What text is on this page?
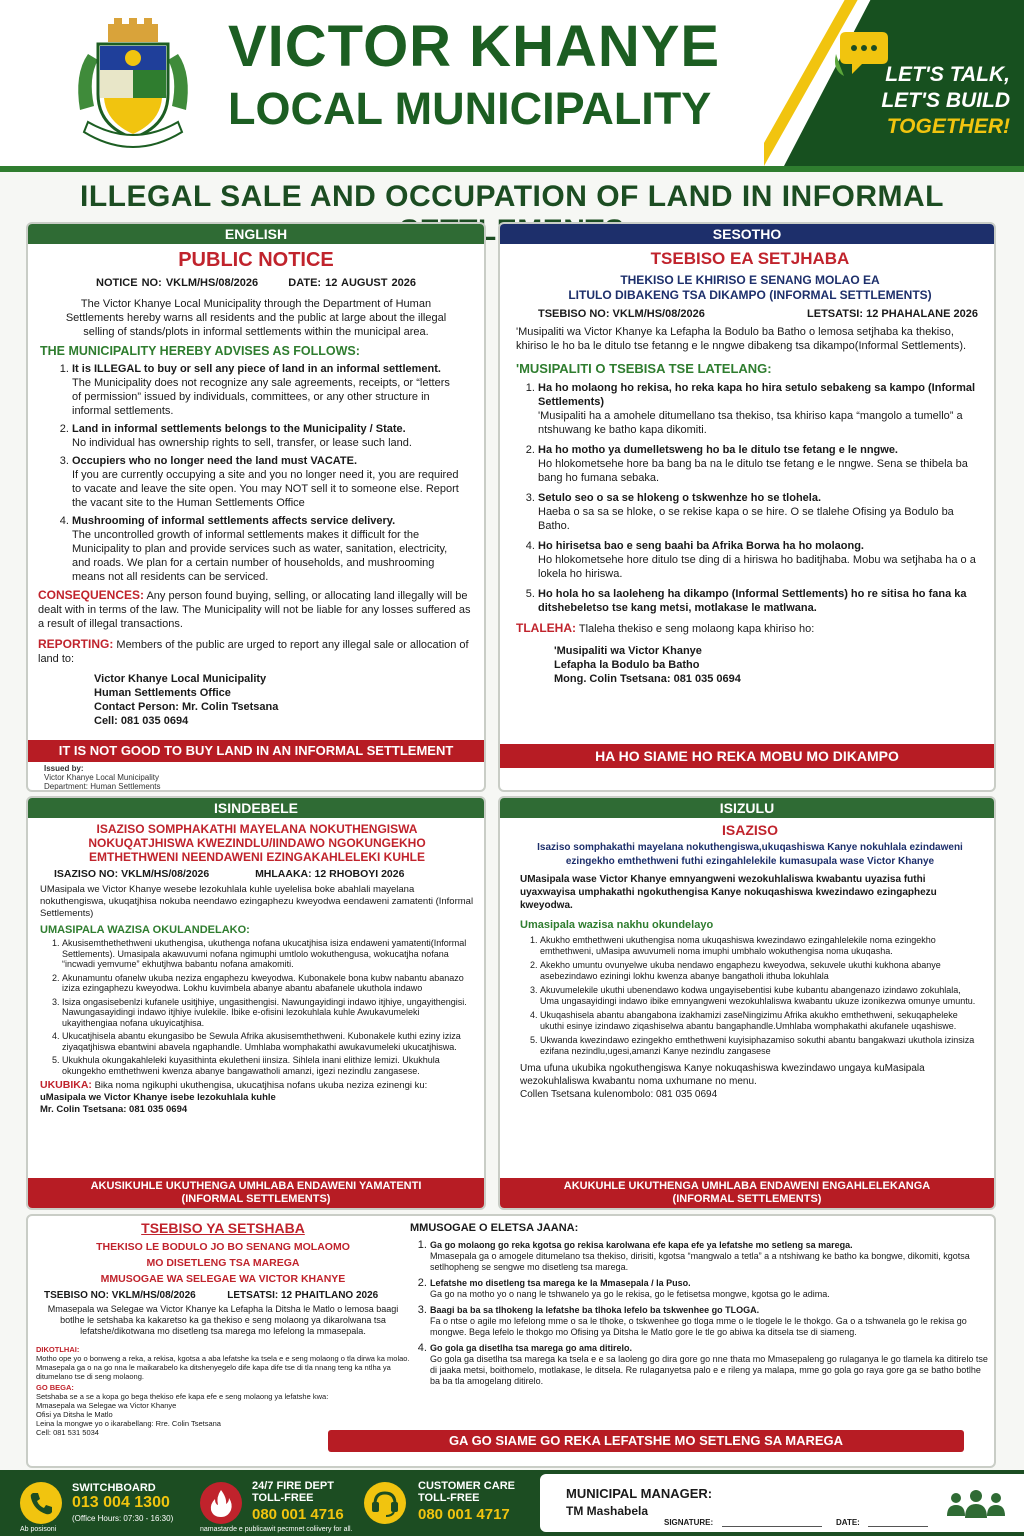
VICTOR KHANYE
LOCAL MUNICIPALITY
LET'S TALK,
LET'S BUILD
TOGETHER!
ILLEGAL SALE AND OCCUPATION OF LAND IN INFORMAL
ENGLISH
PUBLIC NOTICE
NOTICE NO: VKLM/HS/08/2026	DATE: 12 AUGUST 2026

The Victor Khanye Local Municipality through the Department of Human Settlements hereby warns all residents and the public at large about the illegal selling of stands/plots in informal settlements within the municipal area.

THE MUNICIPALITY HEREBY ADVISES AS FOLLOWS:
1. It is ILLEGAL to buy or sell any piece of land in an informal settlement.
The Municipality does not recognize any sale agreements, receipts, or “letters of permission” issued by individuals, committees, or any other structure in informal settlements.
2. Land in informal settlements belongs to the Municipality / State.
No individual has ownership rights to sell, transfer, or lease such land.
3. Occupiers who no longer need the land must VACATE.
If you are currently occupying a site and you no longer need it, you are required to vacate and leave the site open. You may NOT sell it to someone else. Report the vacant site to the Human Settlements Office
4. Mushrooming of informal settlements affects service delivery.
The uncontrolled growth of informal settlements makes it difficult for the Municipality to plan and provide services such as water, sanitation, electricity, and roads. We plan for a certain number of households, and mushrooming means not all residents can be serviced.

CONSEQUENCES: Any person found buying, selling, or allocating land illegally will be dealt with in terms of the law. The Municipality will not be liable for any losses suffered as a result of illegal transactions.

REPORTING: Members of the public are urged to report any illegal sale or allocation of land to:

Victor Khanye Local Municipality
Human Settlements Office
Contact Person: Mr. Colin Tsetsana
Cell: 081 035 0694
IT IS NOT GOOD TO BUY LAND IN AN INFORMAL SETTLEMENT
Issued by:
Victor Khanye Local Municipality
Department: Human Settlements
SESOTHO
TSEBISO EA SETJHABA
THEKISO LE KHIRISO E SENANG MOLAO EA
LITULO DIBAKENG TSA DIKAMPO (INFORMAL SETTLEMENTS)
TSEBISO NO: VKLM/HS/08/2026	LETSATSI: 12 PHAHALANE 2026

'Musipaliti wa Victor Khanye ka Lefapha la Bodulo ba Batho o lemosa setjhaba ka thekiso, khiriso le ho ba le ditulo tse fetanng e le nngwe dibakeng tsa dikampo(Informal Settlements).

'MUSIPALITI O TSEBISA TSE LATELANG:
1. Ha ho molaong ho rekisa, ho reka kapa ho hira setulo sebakeng sa kampo (Informal Settlements)
'Musipaliti ha a amohele ditumellano tsa thekiso, tsa khiriso kapa “mangolo a tumello” a ntshuwang ke batho kapa dikomiti.
2. Ha ho motho ya dumelletsweng ho ba le ditulo tse fetang e le nngwe.
Ho hlokometsehe hore ba bang ba na le ditulo tse fetang e le nngwe. Sena se thibela ba bang ho fumana sebaka.
3. Setulo seo o sa se hlokeng o tskwenhze ho se tlohela.
Haeba o sa sa se hloke, o se rekise kapa o se hire. O se tlalehe Ofising ya Bodulo ba Batho.
4. Ho hirisetsa bao e seng baahi ba Afrika Borwa ha ho molaong.
Ho hlokometsehe hore ditulo tse ding di a hiriswa ho baditjhaba. Mobu wa setjhaba ha o a lokela ho hiriswa.
5. Ho hola ho sa laoleheng ha dikampo (Informal Settlements) ho re sitisa ho fana ka ditshebeletso tse kang metsi, motlakase le matlwana.

TLALEHA: Tlaleha thekiso e seng molaong kapa khiriso ho:

'Musipaliti wa Victor Khanye
Lefapha la Bodulo ba Batho
Mong. Colin Tsetsana: 081 035 0694
HA HO SIAME HO REKA MOBU MO DIKAMPO
ISINDEBELE
ISAZISO SOMPHAKATHI MAYELANA NOKUTHENGISWA
NOKUQATJHISWA KWEZINDLU/IINDAWO NGOKUNGEKHO
EMTHETHWENI NEENDAWENI EZINGAKAHLELEKI KUHLE
ISAZISO NO: VKLM/HS/08/2026	MHLAAKA: 12 RHOBOYI 2026

UMasipala we Victor Khanye wesebe lezokuhlala kuhle uyelelisa boke abahlali mayelana nokuthengiswa, ukuqatjhisa nokuba neendawo ezingaphezu kweyodwa eendaweni zamatenti (Informal Settlements)

UMASIPALA WAZISA OKULANDELAKO:
1. Akusisemthethethweni ukuthengisa, ukuthenga nofana ukucatjhisa isiza endaweni yamatenti(Informal Settlements). Umasipala akawuvumi nofana ngimuphi umtlolo wokuthengusa, wokucatjha nofana “incwadi yemvume” ekhutjhwa babantu nofana amakomiti.
2. Akunamuntu ofanelw ukuba neziza engaphezu kweyodwa. Kubonakele bona kubw nabantu abanazo iziza ezingaphezu kweyodwa. Lokhu kuvimbela abanye abantu abafanele ukuthola indawo
3. Isiza ongasisebenlzi kufanele usitjhiye, ungasithengisi. Nawungayidingi indawo itjhiye, ungayithengisi. Nawungasayidingi indawo itjhiye ivulekile. Ibike e-ofisini lezokuhlala kuhle Awukavumeleki ukayithengiaa nofana ukuyicatjhisa.
4. Ukucatjhisela abantu ekungasibo be Sewula Afrika akusisemthethweni. Kubonakele kuthi eziny iziza ziyaqatjhiswa ebantwini abavela ngaphandle. Umhlaba womphakathi awukavumeleki ukucatjhiswa.
5. Ukukhula okungakahleleki kuyasithinta ekuletheni iinsiza. Sihlela inani elithize lemizi. Ukukhula okungekho emthethweni kwenza abanye bangawatholi amanzi, igezi nezindlu zangasese.

UKUBIKA: Bika noma ngikuphi ukuthengisa, ukucatjhisa nofans ukuba neziza ezinengi ku:

uMasipala we Victor Khanye isebe lezokuhlala kuhle
Mr. Colin Tsetsana: 081 035 0694
AKUSIKUHLE UKUTHENGA UMHLABA ENDAWENI YAMATENTI
(INFORMAL SETTLEMENTS)
ISIZULU
ISAZISO
Isaziso somphakathi mayelana nokuthengiswa,ukuqashiswa Kanye nokuhlala ezindaweni ezingekho emthethweni futhi ezingahlelekile kumasupala wase Victor Khanye

UMasipala wase Victor Khanye emnyangweni wezokuhlaliswa kwabantu uyazisa futhi uyaxwayisa umphakathi ngokuthengisa Kanye nokuqashiswa kwezindawo ezingaphezu kweyodwa.

Umasipala wazisa nakhu okundelayo
1. Akukho emthethweni ukuthengisa noma ukuqashiswa kwezindawo ezingahlelekile noma ezingekho emthethweni, uMasipa awuvumeli noma imuphi umbhalo wokuthengisa noma ukuqasha.
2. Akekho umuntu ovunyelwe ukuba nendawo engaphezu kweyodwa, sekuvele ukuthi kukhona abanye asebezindawo eziningi lokhu kwenza abanye bangatholi ithuba lokuhlala
3. Akuvumelekile ukuthi ubenendawo kodwa ungayisebentisi kube kubantu abangenazo izindawo zokuhlala, Uma ungasayidingi indawo ibike emnyangweni wezokuhlaliswa kwabantu ukuze izonikezwa omunye umuntu.
4. Ukuqashisela abantu abangabona izakhamizi zaseNingizimu Afrika akukho emthethweni, sekuqapheleke ukuthi esinye izindawo ziqashiselwa abantu bangaphandle.Umhlaba womphakathi akufanele uqashiswe.
5. Ukwanda kwezindawo ezingekho emthethweni kuyisiphazamiso sokuthi abantu bangakwazi ukuthola izinsiza ezifana nezindlu,ugesi,amanzi Kanye nezindlu zangasese

Uma ufuna ukubika ngokuthengiswa Kanye nokuqashiswa kwezindawo ungaya kuMasipala wezokuhlaliswa kwabantu noma uxhumane no menu.

Collen Tsetsana kulenombolo: 081 035 0694

AKUKUHLE UKUTHENGA UMHLABA ENDAWENI ENGAHLELEKANGA
(INFORMAL SETTLEMENTS)
TSEBISO YA SETSHABA
THEKISO LE BODULO JO BO SENANG MOLAOMO
MO DISETLENG TSA MAREGA
MMUSOGAE WA SELEGAE WA VICTOR KHANYE
TSEBISO NO: VKLM/HS/08/2026	LETSATSI: 12 PHAITLANO 2026

Mmasepala wa Selegae wa Victor Khanye ka Lefapha la Ditsha le Matlo o lemosa baagi botlhe le setshaba ka kakaretso ka ga thekiso e seng molaong ya dikarolwana tsa lefatshe/dikotwana mo disetleng tsa marega mo lefelong la mmasepala.

DIKOTLHAI:
Motho ope yo o bonweng a reka, a rekisa, kgotsa a aba lefatshe ka tsela e e seng molaong o tla dirwa ka molao. Mmasepala ga o na go nna le maikarabelo ka ditshenyegelo dife kapa dife tse di tla nnang teng ka ntlha ya ditumelano tse di seng molaong.
GO BEGA:
Setshaba se a se a kopa go bega thekiso efe kapa efe e seng molaong ya lefatshe kwa:
Mmasepala wa Selegae wa Victor Khanye
Ofisi ya Ditsha le Matlo
Leina la mongwe yo o ikarabellang: Rre. Colin Tsetsana
Cell: 081 531 5034
MMUSOGAE O ELETSA JAANA:
1. Ga go molaong go reka kgotsa go rekisa karolwana efe kapa efe ya lefatshe mo setleng sa marega.
Mmasepala ga o amogele ditumelano tsa thekiso, dirisiti, kgotsa “mangwalo a tetla” a a ntshiwang ke batho ka bongwe, dikomiti, kgotsa setlhopheng se sengwe mo disetleng tsa marega.
2. Lefatshe mo disetleng tsa marega ke la Mmasepala / la Puso.
Ga go na motho yo o nang le tshwanelo ya go le rekisa, go le fetisetsa mongwe, kgotsa go le adima.
3. Baagi ba ba sa tlhokeng la lefatshe ba tlhoka lefelo ba tskwenhee go TLOGA.
Fa o ntse o agile mo lefelong mme o sa le tlhoke, o tskwenhee go tloga mme o le tlogele le le thokgo. Ga o a tshwanela go le rekisa go mongwe. Bega lefelo le thokgo mo Ofising ya Ditsha le Matlo gore le tle go abiwa ka ditsela tse di siameng.
4. Go gola ga disetlha tsa marega go ama ditirelo.
Go gola ga disetlha tsa marega ka tsela e e sa laoleng go dira gore go nne thata mo Mmasepaleng go rulaganya le go tlamela ka ditirelo tse di jaaka metsi, boithomelo, motlakase, le ditsela. Re rulaganyetsa palo e e rileng ya malapa, mme go gola go raya gore ga se batho botlhe ba ba tla amogelang ditirelo.
GA GO SIAME GO REKA LEFATSHE MO SETLENG SA MAREGA
SWITCHBOARD
013 004 1300
(Office Hours: 07:30 - 16:30)
24/7 FIRE DEPT
TOLL-FREE
080 001 4716
CUSTOMER CARE
TOLL-FREE
080 001 4717
MUNICIPAL MANAGER:
TM Mashabela
SIGNATURE:	DATE:
Ab posisoni	namastarde e publicawit pecmnet coliivery for all.
